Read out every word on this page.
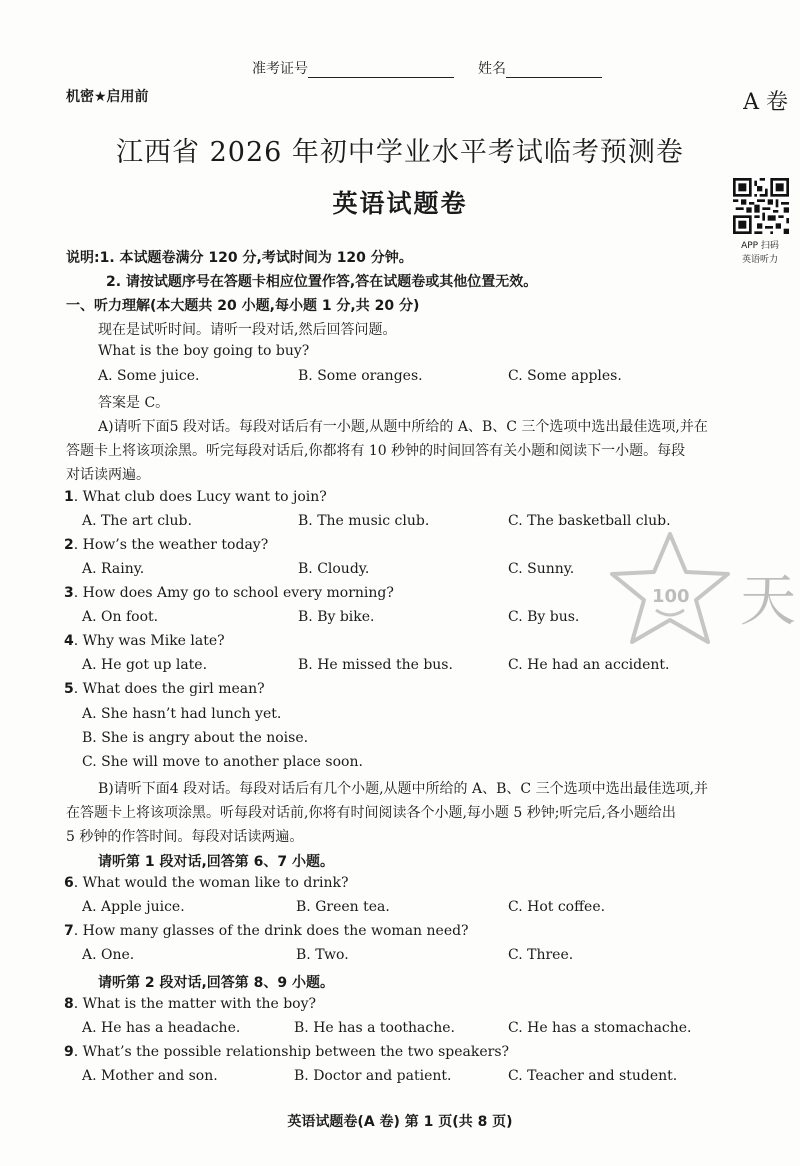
准考证号	姓名
机密★启用前	A 卷
江西省 2026 年初中学业水平考试临考预测卷
英语试题卷
APP 扫码
英语听力
说明:1. 本试题卷满分 120 分,考试时间为 120 分钟。
2. 请按试题序号在答题卡相应位置作答,答在试题卷或其他位置无效。
一、听力理解(本大题共 20 小题,每小题 1 分,共 20 分)
现在是试听时间。请听一段对话,然后回答问题。
What is the boy going to buy?
A. Some juice.	B. Some oranges.	C. Some apples.
答案是 C。
A)请听下面5 段对话。每段对话后有一小题,从题中所给的 A、B、C 三个选项中选出最佳选项,并在
答题卡上将该项涂黑。听完每段对话后,你都将有 10 秒钟的时间回答有关小题和阅读下一小题。每段
对话读两遍。
1. What club does Lucy want to join?
A. The art club.	B. The music club.	C. The basketball club.
2. How’s the weather today?
A. Rainy.	B. Cloudy.	C. Sunny.
3. How does Amy go to school every morning?
A. On foot.	B. By bike.	C. By bus.
4. Why was Mike late?
A. He got up late.	B. He missed the bus.	C. He had an accident.
5. What does the girl mean?
A. She hasn’t had lunch yet.
B. She is angry about the noise.
C. She will move to another place soon.
B)请听下面4 段对话。每段对话后有几个小题,从题中所给的 A、B、C 三个选项中选出最佳选项,并
在答题卡上将该项涂黑。听每段对话前,你将有时间阅读各个小题,每小题 5 秒钟;听完后,各小题给出
5 秒钟的作答时间。每段对话读两遍。
请听第 1 段对话,回答第 6、7 小题。
6. What would the woman like to drink?
A. Apple juice.	B. Green tea.	C. Hot coffee.
7. How many glasses of the drink does the woman need?
A. One.	B. Two.	C. Three.
请听第 2 段对话,回答第 8、9 小题。
8. What is the matter with the boy?
A. He has a headache.	B. He has a toothache.	C. He has a stomachache.
9. What’s the possible relationship between the two speakers?
A. Mother and son.	B. Doctor and patient.	C. Teacher and student.
100 天
英语试题卷(A 卷) 第 1 页(共 8 页)
